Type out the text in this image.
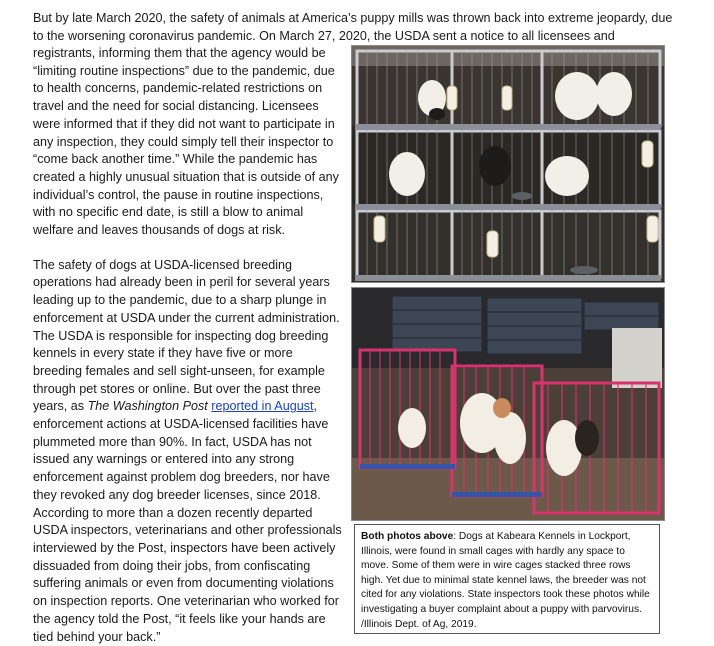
But by late March 2020, the safety of animals at America’s puppy mills was thrown back into extreme jeopardy, due to the worsening coronavirus pandemic. On March 27, 2020, the USDA sent a notice to all licensees and

registrants, informing them that the agency would be “limiting routine inspections” due to the pandemic, due to health concerns, pandemic-related restrictions on travel and the need for social distancing. Licensees were informed that if they did not want to participate in any inspection, they could simply tell their inspector to “come back another time.” While the pandemic has created a highly unusual situation that is outside of any individual’s control, the pause in routine inspections, with no specific end date, is still a blow to animal welfare and leaves thousands of dogs at risk.

The safety of dogs at USDA-licensed breeding operations had already been in peril for several years leading up to the pandemic, due to a sharp plunge in enforcement at USDA under the current administration. The USDA is responsible for inspecting dog breeding kennels in every state if they have five or more breeding females and sell sight-unseen, for example through pet stores or online. But over the past three years, as The Washington Post reported in August, enforcement actions at USDA-licensed facilities have plummeted more than 90%. In fact, USDA has not issued any warnings or entered into any strong enforcement against problem dog breeders, nor have they revoked any dog breeder licenses, since 2018. According to more than a dozen recently departed USDA inspectors, veterinarians and other professionals interviewed by the Post, inspectors have been actively dissuaded from doing their jobs, from confiscating suffering animals or even from documenting violations on inspection reports. One veterinarian who worked for the agency told the Post, “it feels like your hands are tied behind your back.”

Both photos above: Dogs at Kabeara Kennels in Lockport, Illinois, were found in small cages with hardly any space to move. Some of them were in wire cages stacked three rows high. Yet due to minimal state kennel laws, the breeder was not cited for any violations. State inspectors took these photos while investigating a buyer complaint about a puppy with parvovirus. /Illinois Dept. of Ag, 2019.
